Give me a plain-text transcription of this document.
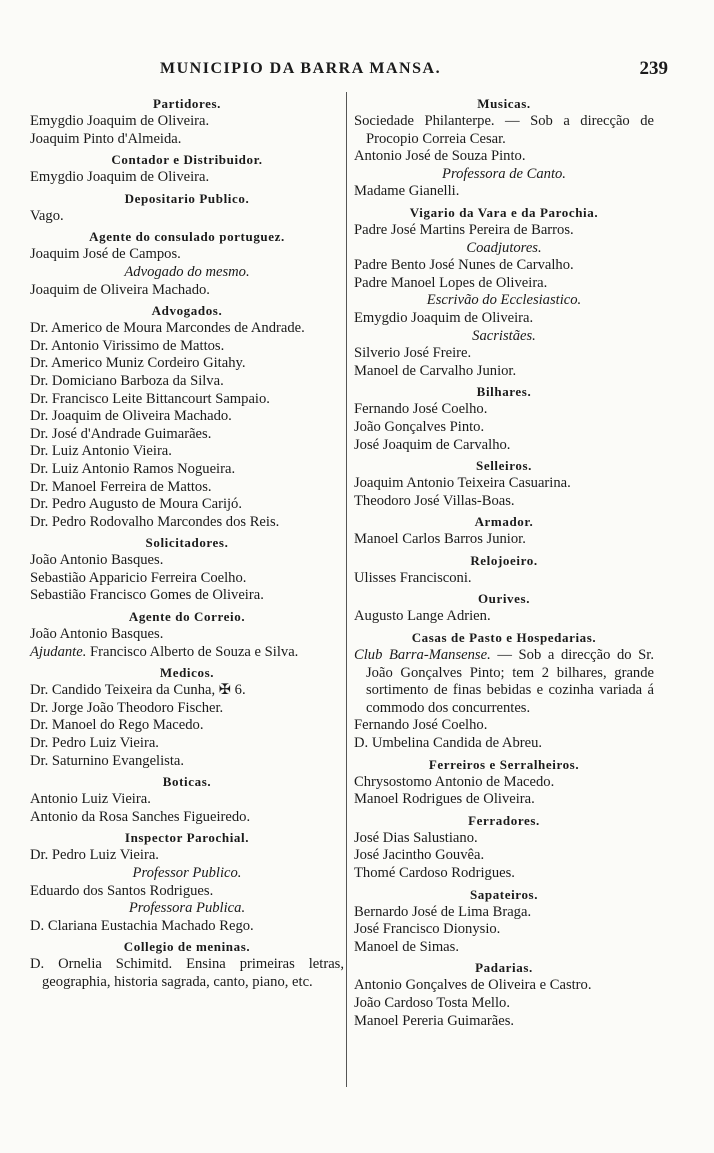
MUNICIPIO DA BARRA MANSA.	239
Partidores.

Emygdio Joaquim de Oliveira.

Joaquim Pinto d'Almeida.

Contador e Distribuidor.

Emygdio Joaquim de Oliveira.

Depositario Publico.

Vago.

Agente do consulado portuguez.

Joaquim José de Campos.

Advogado do mesmo.

Joaquim de Oliveira Machado.

Advogados.

Dr. Americo de Moura Marcondes de Andrade.

Dr. Antonio Virissimo de Mattos.

Dr. Americo Muniz Cordeiro Gitahy.

Dr. Domiciano Barboza da Silva.

Dr. Francisco Leite Bittancourt Sampaio.

Dr. Joaquim de Oliveira Machado.

Dr. José d'Andrade Guimarães.

Dr. Luiz Antonio Vieira.

Dr. Luiz Antonio Ramos Nogueira.

Dr. Manoel Ferreira de Mattos.

Dr. Pedro Augusto de Moura Carijó.

Dr. Pedro Rodovalho Marcondes dos Reis.

Solicitadores.

João Antonio Basques.

Sebastião Apparicio Ferreira Coelho.

Sebastião Francisco Gomes de Oliveira.

Agente do Correio.

João Antonio Basques.

Ajudante. Francisco Alberto de Souza e Silva.

Medicos.

Dr. Candido Teixeira da Cunha, ✠ 6.

Dr. Jorge João Theodoro Fischer.

Dr. Manoel do Rego Macedo.

Dr. Pedro Luiz Vieira.

Dr. Saturnino Evangelista.

Boticas.

Antonio Luiz Vieira.

Antonio da Rosa Sanches Figueiredo.

Inspector Parochial.

Dr. Pedro Luiz Vieira.

Professor Publico.

Eduardo dos Santos Rodrigues.

Professora Publica.

D. Clariana Eustachia Machado Rego.

Collegio de meninas.

D. Ornelia Schimitd. Ensina primeiras letras, geographia, historia sagrada, canto, piano, etc.

Musicas.

Sociedade Philanterpe. — Sob a direcção de Procopio Correia Cesar.

Antonio José de Souza Pinto.

Professora de Canto.

Madame Gianelli.

Vigario da Vara e da Parochia.

Padre José Martins Pereira de Barros.

Coadjutores.

Padre Bento José Nunes de Carvalho.

Padre Manoel Lopes de Oliveira.

Escrivão do Ecclesiastico.

Emygdio Joaquim de Oliveira.

Sacristães.

Silverio José Freire.

Manoel de Carvalho Junior.

Bilhares.

Fernando José Coelho.

João Gonçalves Pinto.

José Joaquim de Carvalho.

Selleiros.

Joaquim Antonio Teixeira Casuarina.

Theodoro José Villas-Boas.

Armador.

Manoel Carlos Barros Junior.

Relojoeiro.

Ulisses Francisconi.

Ourives.

Augusto Lange Adrien.

Casas de Pasto e Hospedarias.

Club Barra-Mansense. — Sob a direcção do Sr. João Gonçalves Pinto; tem 2 bilhares, grande sortimento de finas bebidas e cozinha variada á commodo dos concurrentes.

Fernando José Coelho.

D. Umbelina Candida de Abreu.

Ferreiros e Serralheiros.

Chrysostomo Antonio de Macedo.

Manoel Rodrigues de Oliveira.

Ferradores.

José Dias Salustiano.

José Jacintho Gouvêa.

Thomé Cardoso Rodrigues.

Sapateiros.

Bernardo José de Lima Braga.

José Francisco Dionysio.

Manoel de Simas.

Padarias.

Antonio Gonçalves de Oliveira e Castro.

João Cardoso Tosta Mello.

Manoel Pereria Guimarães.
